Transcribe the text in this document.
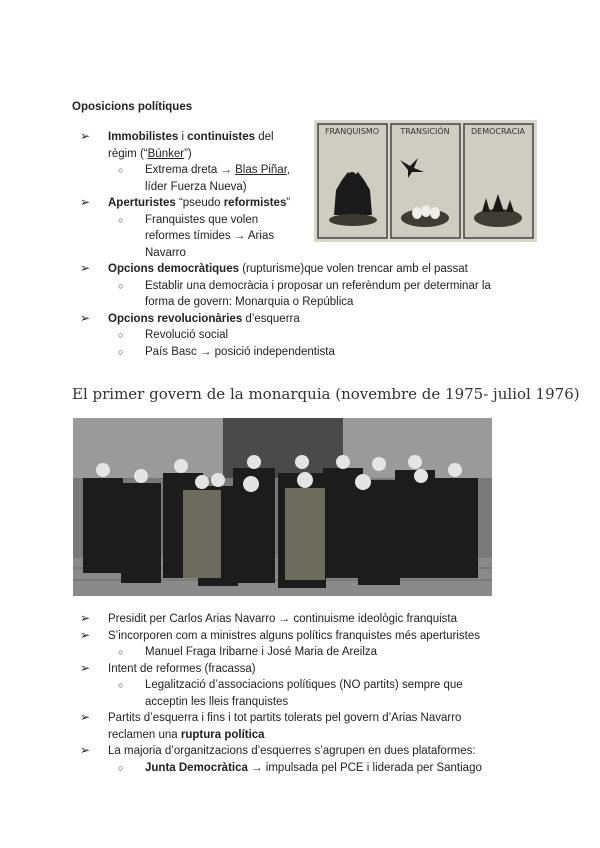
Oposicions polítiques
➢ Immobilistes i continuistes del
règim (“Búnker”)
○ Extrema dreta → Blas Piñar,
líder Fuerza Nueva)
➢ Aperturistes “pseudo reformistes”
○ Franquistes que volen
reformes tímides → Arias
Navarro
➢ Opcions democràtiques (rupturisme)que volen trencar amb el passat
○ Establir una democràcia i proposar un referèndum per determinar la
forma de govern: Monarquia o República
➢ Opcions revolucionàries d’esquerra
○ Revolució social
○ País Basc → posició independentista
FRANQUISMO	TRANSICIÓN	DEMOCRACIA
El primer govern de la monarquia (novembre de 1975- juliol 1976)
➢ Presidit per Carlos Arias Navarro → continuisme ideològic franquista
➢ S’incorporen com a ministres alguns polítics franquistes més aperturistes
○ Manuel Fraga Iribarne i José Maria de Areilza
➢ Intent de reformes (fracassa)
○ Legalització d’associacions polítiques (NO partits) sempre que
acceptin les lleis franquistes
➢ Partits d’esquerra i fins i tot partits tolerats pel govern d’Arias Navarro
reclamen una ruptura política
➢ La majoria d’organitzacions d’esquerres s’agrupen en dues plataformes:
○ Junta Democràtica → impulsada pel PCE i liderada per Santiago
